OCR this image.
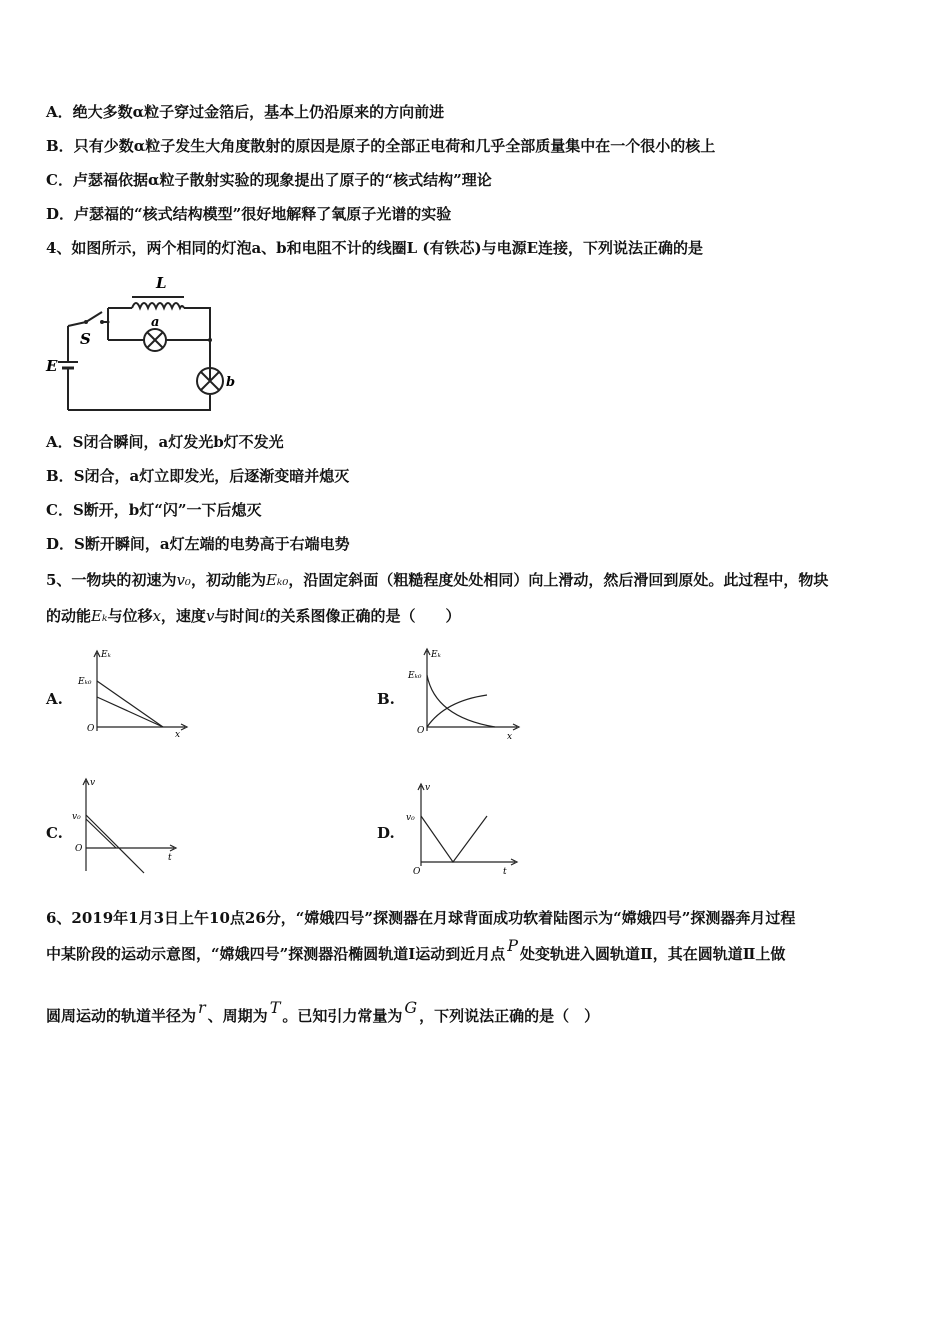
A．绝大多数α粒子穿过金箔后，基本上仍沿原来的方向前进
B．只有少数α粒子发生大角度散射的原因是原子的全部正电荷和几乎全部质量集中在一个很小的核上
C．卢瑟福依据α粒子散射实验的现象提出了原子的“核式结构”理论
D．卢瑟福的“核式结构模型”很好地解释了氧原子光谱的实验
4、如图所示，两个相同的灯泡a、b和电阻不计的线圈L (有铁芯)与电源E连接，下列说法正确的是
L
S
a
b
E
A．S闭合瞬间，a灯发光b灯不发光
B．S闭合，a灯立即发光，后逐渐变暗并熄灭
C．S断开，b灯“闪”一下后熄灭
D．S断开瞬间，a灯左端的电势高于右端电势
5、一物块的初速为v₀，初动能为Eₖ₀，沿固定斜面（粗糙程度处处相同）向上滑动，然后滑回到原处。此过程中，物块
的动能Eₖ与位移x，速度v与时间t的关系图像正确的是（　　）
A.
Eₖ
Eₖ₀
O
x
B.
Eₖ
Eₖ₀
O
x
C.
v
v₀
O
t
D.
v
v₀
O	t
6、2019年1月3日上午10点26分，“嫦娥四号”探测器在月球背面成功软着陆图示为“嫦娥四号”探测器奔月过程
中某阶段的运动示意图，“嫦娥四号”探测器沿椭圆轨道Ⅰ运动到近月点 P 处变轨进入圆轨道Ⅱ，其在圆轨道Ⅱ上做
圆周运动的轨道半径为 r 、周期为 T 。已知引力常量为 G ，下列说法正确的是（　）
